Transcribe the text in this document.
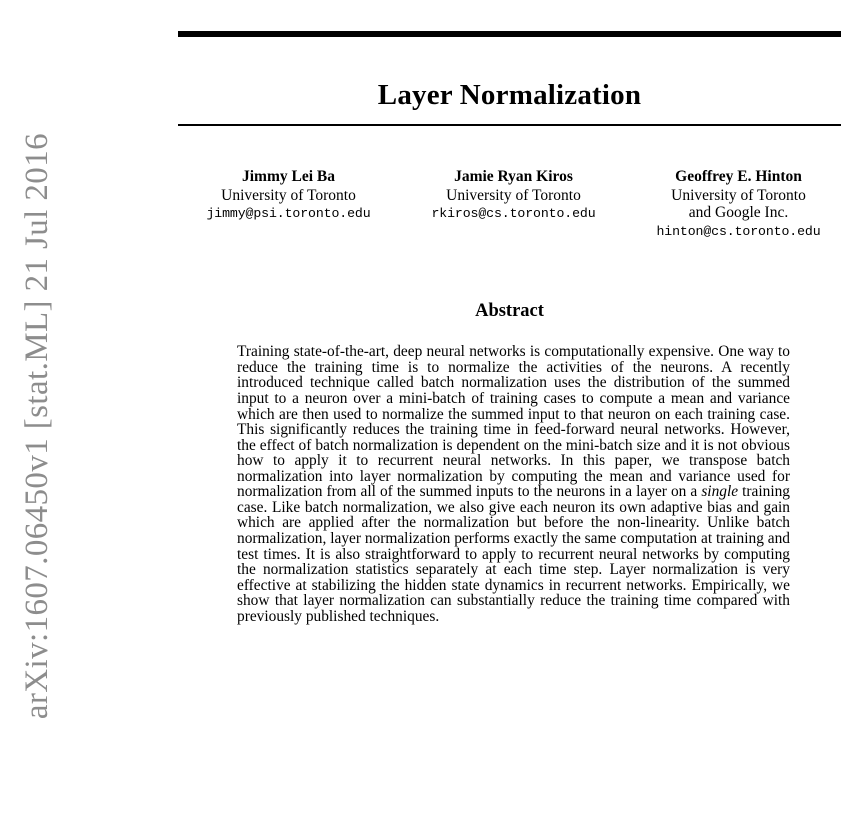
arXiv:1607.06450v1 [stat.ML] 21 Jul 2016
Layer Normalization
Jimmy Lei Ba
University of Toronto
jimmy@psi.toronto.edu
Jamie Ryan Kiros
University of Toronto
rkiros@cs.toronto.edu
Geoffrey E. Hinton
University of Toronto
and Google Inc.
hinton@cs.toronto.edu
Abstract

Training state-of-the-art, deep neural networks is computationally expensive. One way to reduce the training time is to normalize the activities of the neurons. A recently introduced technique called batch normalization uses the distribution of the summed input to a neuron over a mini-batch of training cases to compute a mean and variance which are then used to normalize the summed input to that neuron on each training case. This significantly reduces the training time in feed-forward neural networks. However, the effect of batch normalization is dependent on the mini-batch size and it is not obvious how to apply it to recurrent neural networks. In this paper, we transpose batch normalization into layer normalization by computing the mean and variance used for normalization from all of the summed inputs to the neurons in a layer on a single training case. Like batch normalization, we also give each neuron its own adaptive bias and gain which are applied after the normalization but before the non-linearity. Unlike batch normalization, layer normalization performs exactly the same computation at training and test times. It is also straightforward to apply to recurrent neural networks by computing the normalization statistics separately at each time step. Layer normalization is very effective at stabilizing the hidden state dynamics in recurrent networks. Empirically, we show that layer normalization can substantially reduce the training time compared with previously published techniques.
